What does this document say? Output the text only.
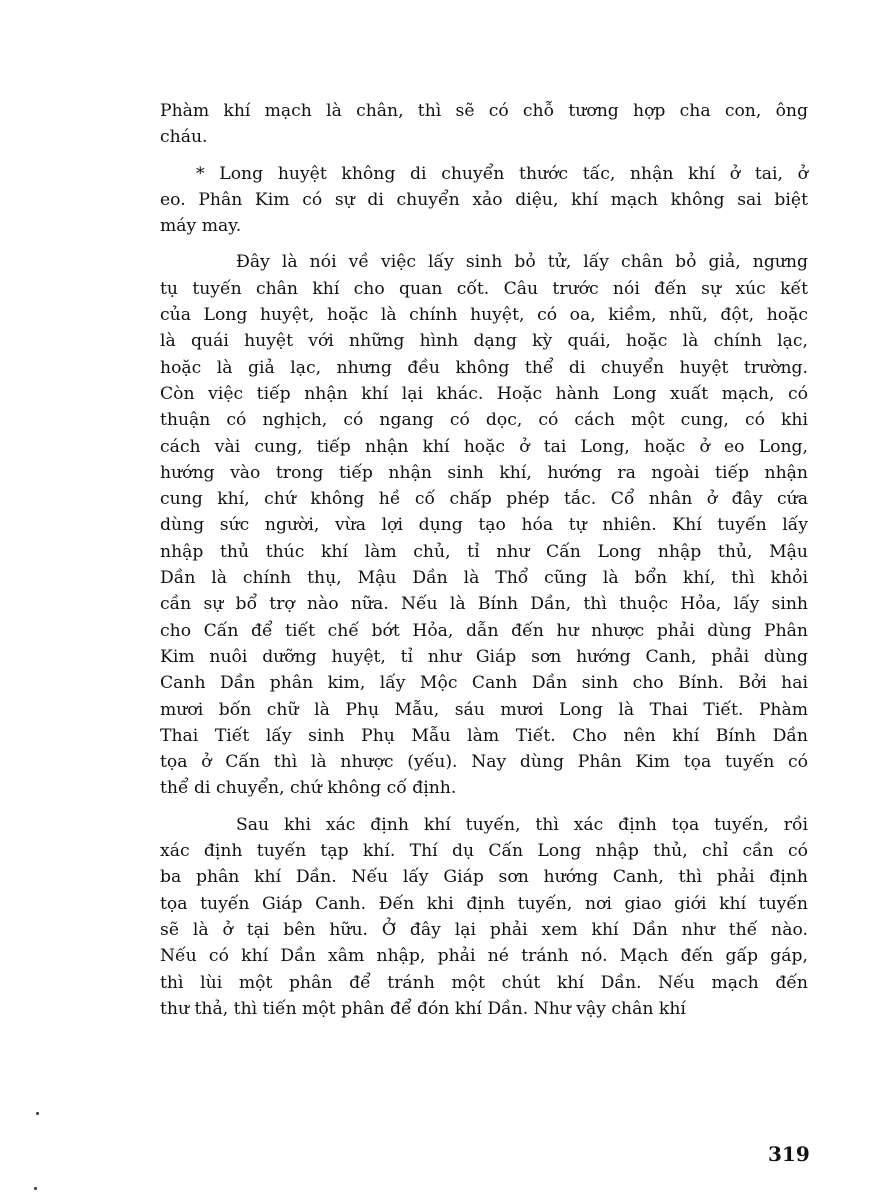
Phàm khí mạch là chân, thì sẽ có chỗ tương hợp cha con, ông
cháu.
* Long huyệt không di chuyển thước tấc, nhận khí ở tai, ở
eo. Phân Kim có sự di chuyển xảo diệu, khí mạch không sai biệt
máy may.
Đây là nói về việc lấy sinh bỏ tử, lấy chân bỏ giả, ngưng
tụ tuyến chân khí cho quan cốt. Câu trước nói đến sự xúc kết
của Long huyệt, hoặc là chính huyệt, có oa, kiềm, nhũ, đột, hoặc
là quái huyệt với những hình dạng kỳ quái, hoặc là chính lạc,
hoặc là giả lạc, nhưng đều không thể di chuyển huyệt trường.
Còn việc tiếp nhận khí lại khác. Hoặc hành Long xuất mạch, có
thuận có nghịch, có ngang có dọc, có cách một cung, có khi
cách vài cung, tiếp nhận khí hoặc ở tai Long, hoặc ở eo Long,
hướng vào trong tiếp nhận sinh khí, hướng ra ngoài tiếp nhận
cung khí, chứ không hề cố chấp phép tắc. Cổ nhân ở đây cứa
dùng sức người, vừa lợi dụng tạo hóa tự nhiên. Khí tuyến lấy
nhập thủ thúc khí làm chủ, tỉ như Cấn Long nhập thủ, Mậu
Dần là chính thụ, Mậu Dần là Thổ cũng là bổn khí, thì khỏi
cần sự bổ trợ nào nữa. Nếu là Bính Dần, thì thuộc Hỏa, lấy sinh
cho Cấn để tiết chế bớt Hỏa, dẫn đến hư nhược phải dùng Phân
Kim nuôi dưỡng huyệt, tỉ như Giáp sơn hướng Canh, phải dùng
Canh Dần phân kim, lấy Mộc Canh Dần sinh cho Bính. Bởi hai
mươi bốn chữ là Phụ Mẫu, sáu mươi Long là Thai Tiết. Phàm
Thai Tiết lấy sinh Phụ Mẫu làm Tiết. Cho nên khí Bính Dần
tọa ở Cấn thì là nhược (yếu). Nay dùng Phân Kim tọa tuyến có
thể di chuyển, chứ không cố định.
Sau khi xác định khí tuyến, thì xác định tọa tuyến, rồi
xác định tuyến tạp khí. Thí dụ Cấn Long nhập thủ, chỉ cần có
ba phân khí Dần. Nếu lấy Giáp sơn hướng Canh, thì phải định
tọa tuyến Giáp Canh. Đến khi định tuyến, nơi giao giới khí tuyến
sẽ là ở tại bên hữu. Ở đây lại phải xem khí Dần như thế nào.
Nếu có khí Dần xâm nhập, phải né tránh nó. Mạch đến gấp gáp,
thì lùi một phân để tránh một chút khí Dần. Nếu mạch đến
thư thả, thì tiến một phân để đón khí Dần. Như vậy chân khí
319
